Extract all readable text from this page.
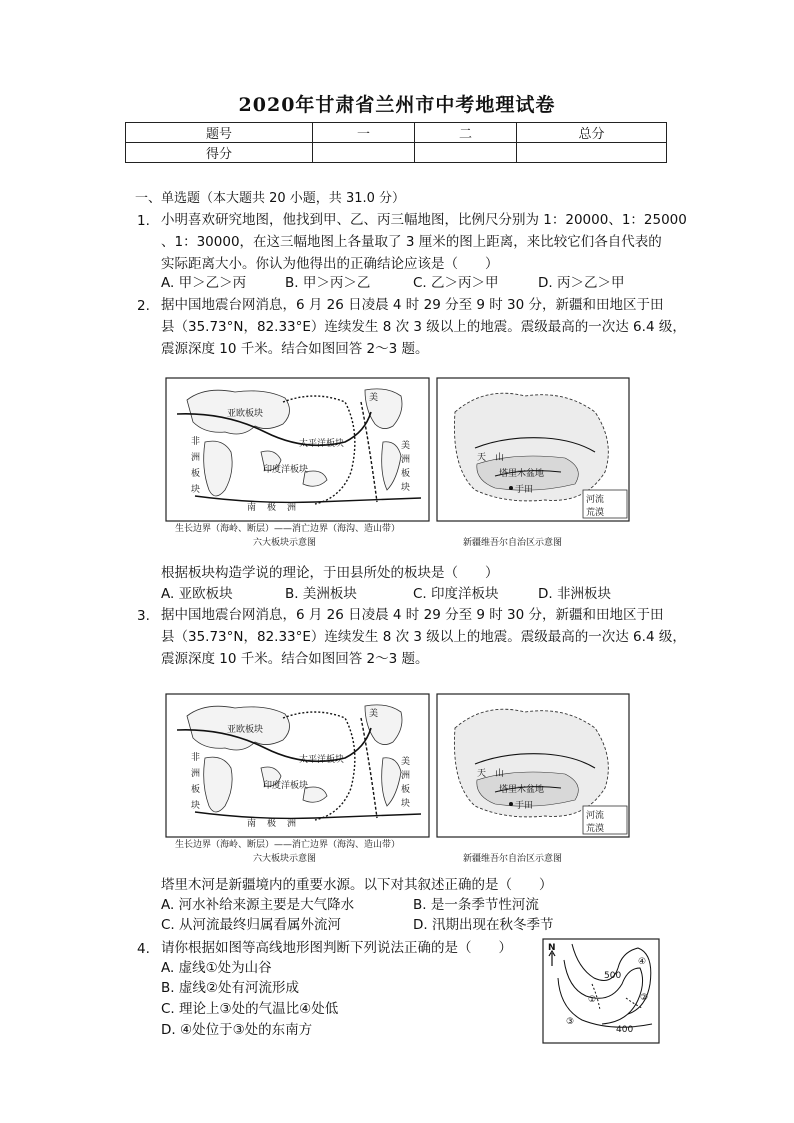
2020年甘肃省兰州市中考地理试卷
题号	一	二	总分
得分			
一、单选题（本大题共 20 小题，共 31.0 分）
1. 小明喜欢研究地图，他找到甲、乙、丙三幅地图，比例尺分别为 1：20000、1：25000
、1：30000，在这三幅地图上各量取了 3 厘米的图上距离，来比较它们各自代表的
实际距离大小。你认为他得出的正确结论应该是（　　）
A. 甲＞乙＞丙	B. 甲＞丙＞乙	C. 乙＞丙＞甲	D. 丙＞乙＞甲
2. 据中国地震台网消息，6 月 26 日凌晨 4 时 29 分至 9 时 30 分，新疆和田地区于田
县（35.73°N，82.33°E）连续发生 8 次 3 级以上的地震。震级最高的一次达 6.4 级，
震源深度 10 千米。结合如图回答 2～3 题。
亚欧板块
非
洲
板
块
太平洋板块
印度洋板块
美
美
洲
板
块
南 极 洲
生长边界（海岭、断层）——消亡边界（海沟、造山带）
六大板块示意图
天　山
塔里木盆地
于田
河流
荒漠
新疆维吾尔自治区示意图
根据板块构造学说的理论，于田县所处的板块是（　　）
A. 亚欧板块	B. 美洲板块	C. 印度洋板块	D. 非洲板块
3. 据中国地震台网消息，6 月 26 日凌晨 4 时 29 分至 9 时 30 分，新疆和田地区于田
县（35.73°N，82.33°E）连续发生 8 次 3 级以上的地震。震级最高的一次达 6.4 级，
震源深度 10 千米。结合如图回答 2～3 题。
亚欧板块
非
洲
板
块
太平洋板块
印度洋板块
美
美
洲
板
块
南 极 洲
生长边界（海岭、断层）——消亡边界（海沟、造山带）
六大板块示意图
天　山
塔里木盆地
于田
河流
荒漠
新疆维吾尔自治区示意图
塔里木河是新疆境内的重要水源。以下对其叙述正确的是（　　）
A. 河水补给来源主要是大气降水	B. 是一条季节性河流
C. 从河流最终归属看属外流河	D. 汛期出现在秋冬季节
4. 请你根据如图等高线地形图判断下列说法正确的是（　　）
A. 虚线①处为山谷
B. 虚线②处有河流形成
C. 理论上③处的气温比④处低
D. ④处位于③处的东南方
N
500
400
①	②
③
④
